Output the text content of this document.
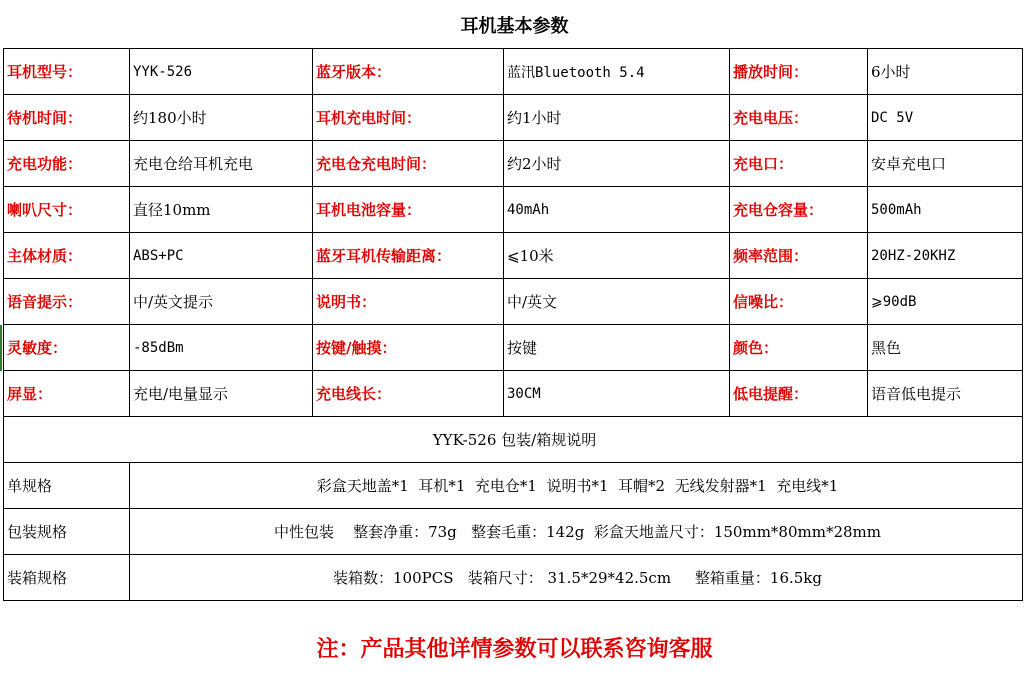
耳机基本参数					
耳机型号：	YYK-526	蓝牙版本：	蓝汛Bluetooth 5.4	播放时间：	6小时
待机时间：	约180小时	耳机充电时间：	约1小时	充电电压：	DC 5V
充电功能：	充电仓给耳机充电	充电仓充电时间：	约2小时	充电口：	安卓充电口
喇叭尺寸：	直径10mm	耳机电池容量：	40mAh	充电仓容量：	500mAh
主体材质：	ABS+PC	蓝牙耳机传输距离：	⩽10米	频率范围：	20HZ-20KHZ
语音提示：	中/英文提示	说明书：	中/英文	信噪比：	⩾90dB
灵敏度：	-85dBm	按键/触摸：	按键	颜色：	黑色
屏显：	充电/电量显示	充电线长：	30CM	低电提醒：	语音低电提示
YYK-526 包装/箱规说明					
单规格	彩盒天地盖*1  耳机*1  充电仓*1  说明书*1  耳帽*2  无线发射器*1  充电线*1				
包装规格	中性包装    整套净重：73g   整套毛重：142g  彩盒天地盖尺寸：150mm*80mm*28mm				
装箱规格	装箱数：100PCS   装箱尺寸： 31.5*29*42.5cm     整箱重量：16.5kg				

注：产品其他详情参数可以联系咨询客服					
